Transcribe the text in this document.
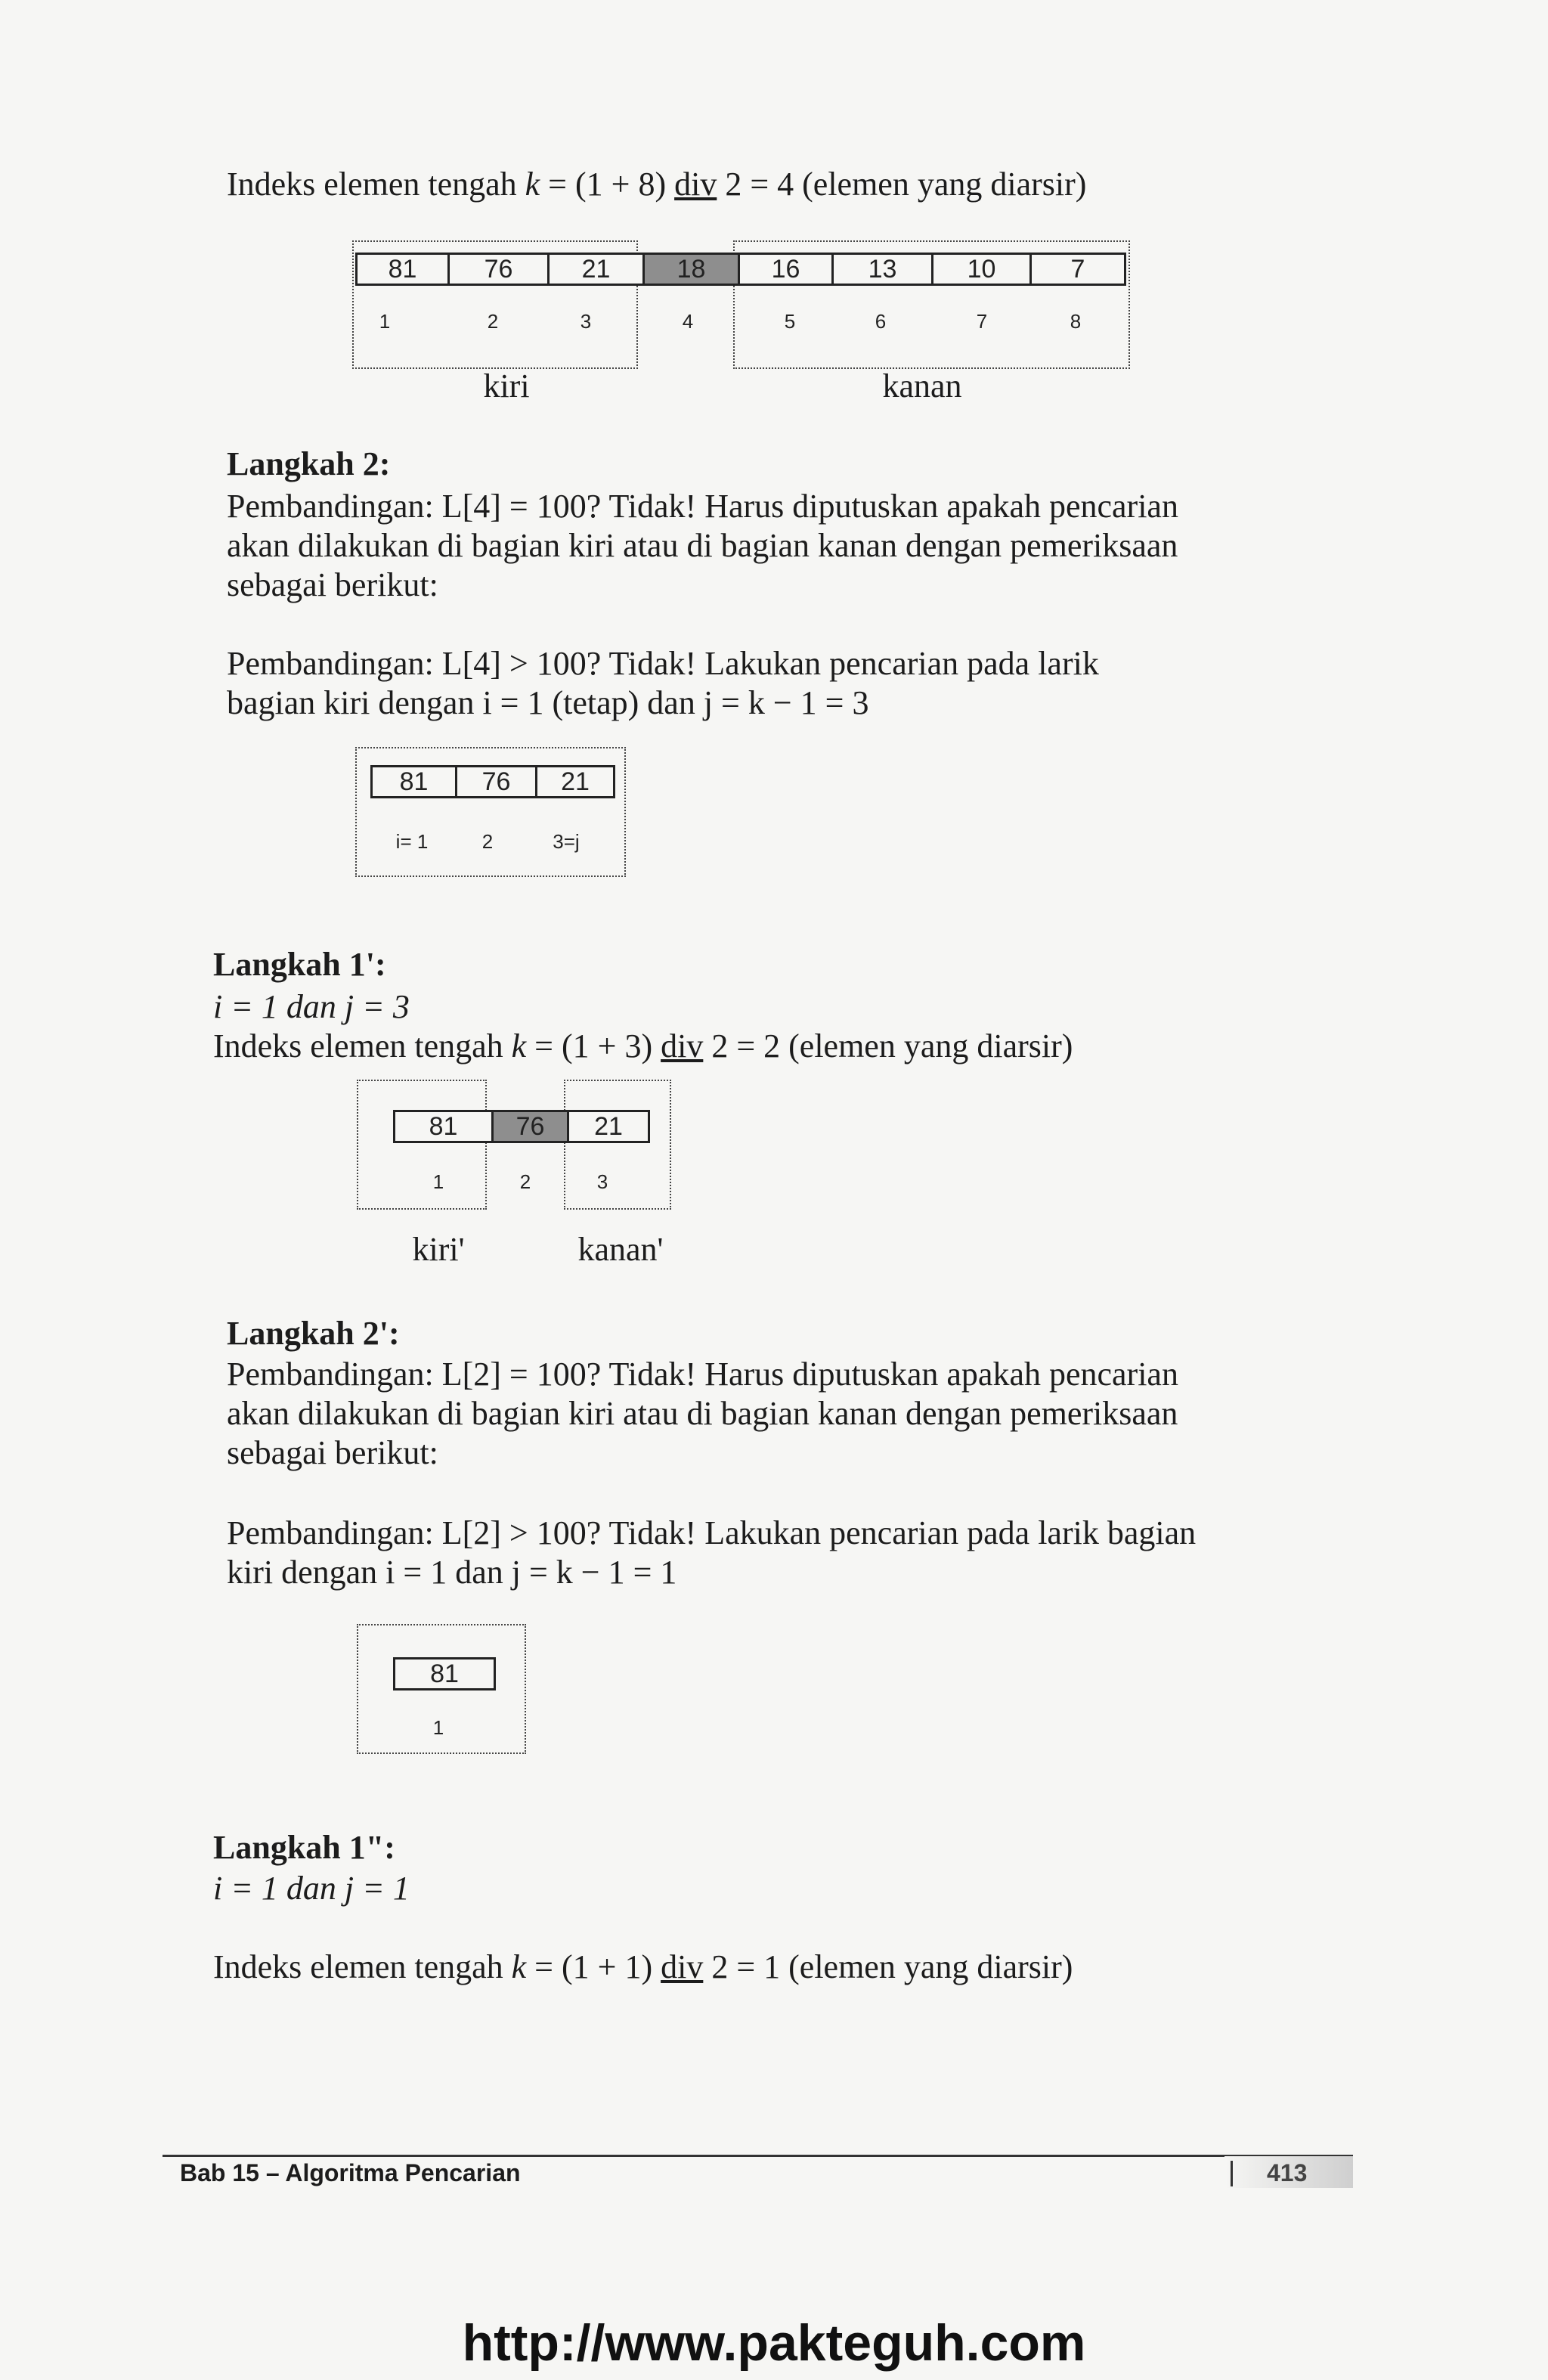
Indeks elemen tengah k = (1 + 8) div 2 = 4 (elemen yang diarsir)
81	76	21	18	16	13	10	7
1	2	3	4	5	6	7	8
kiri	kanan
Langkah 2:
Pembandingan: L[4] = 100? Tidak! Harus diputuskan apakah pencarian
akan dilakukan di bagian kiri atau di bagian kanan dengan pemeriksaan
sebagai berikut:
Pembandingan: L[4] > 100? Tidak! Lakukan pencarian pada larik
bagian kiri dengan i = 1 (tetap) dan j = k − 1 = 3
81	76	21
i= 1	2	3=j
Langkah 1':
i = 1 dan j = 3
Indeks elemen tengah k = (1 + 3) div 2 = 2 (elemen yang diarsir)
81	76	21
1	2	3
kiri'	kanan'
Langkah 2':
Pembandingan: L[2] = 100? Tidak! Harus diputuskan apakah pencarian
akan dilakukan di bagian kiri atau di bagian kanan dengan pemeriksaan
sebagai berikut:
Pembandingan: L[2] > 100? Tidak! Lakukan pencarian pada larik bagian
kiri dengan i = 1 dan j = k − 1 = 1
81
1
Langkah 1":
i = 1 dan j = 1
Indeks elemen tengah k = (1 + 1) div 2 = 1 (elemen yang diarsir)
Bab 15 – Algoritma Pencarian	413
http://www.pakteguh.com
